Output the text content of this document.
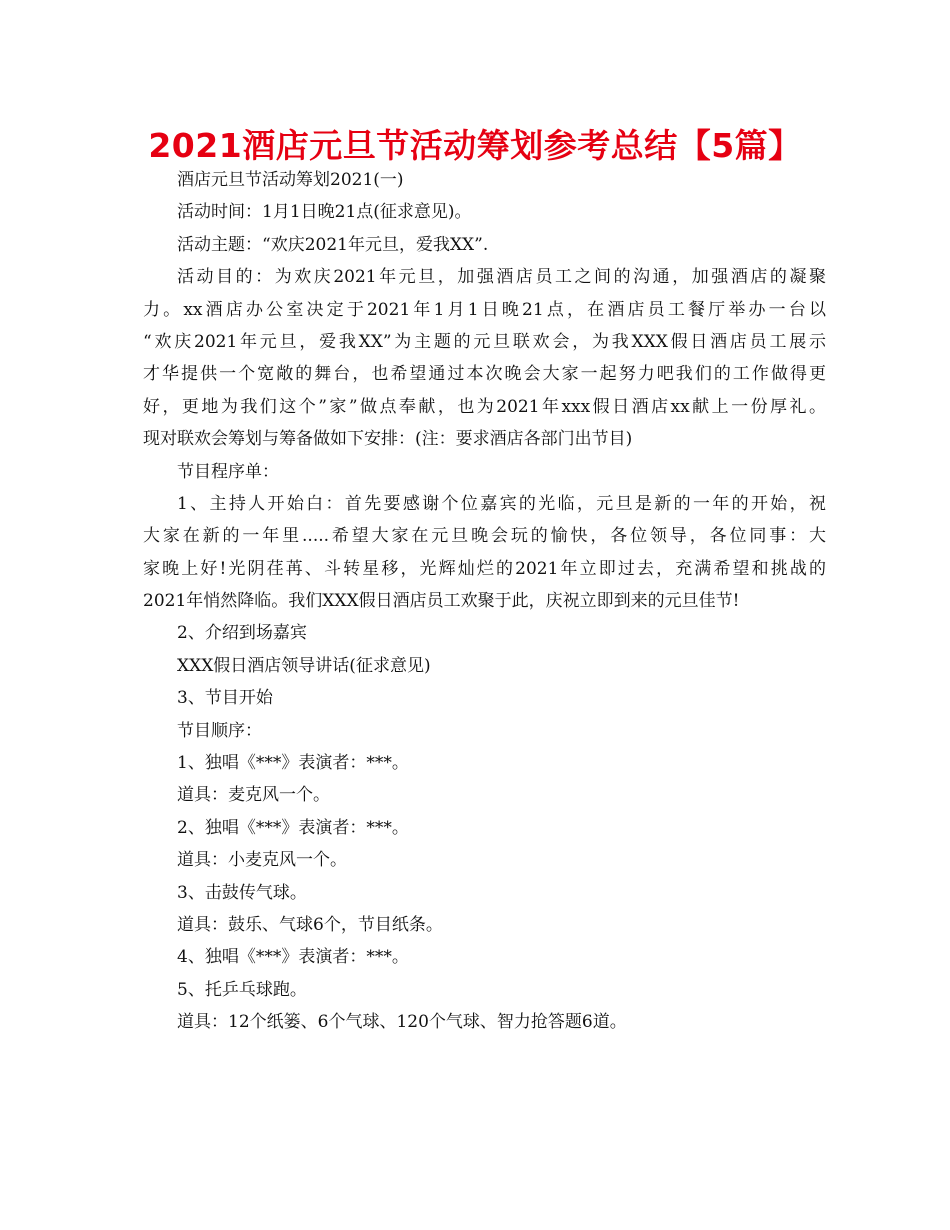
2021酒店元旦节活动筹划参考总结【5篇】
酒店元旦节活动筹划2021(一)
活动时间：1月1日晚21点(征求意见)。
活动主题：“欢庆2021年元旦，爱我XX”.
活动目的：为欢庆2021年元旦，加强酒店员工之间的沟通，加强酒店的凝聚
力。xx酒店办公室决定于2021年1月1日晚21点，在酒店员工餐厅举办一台以
“欢庆2021年元旦，爱我XX”为主题的元旦联欢会，为我XXX假日酒店员工展示
才华提供一个宽敞的舞台，也希望通过本次晚会大家一起努力吧我们的工作做得更
好，更地为我们这个”家”做点奉献，也为2021年xxx假日酒店xx献上一份厚礼。
现对联欢会筹划与筹备做如下安排：(注：要求酒店各部门出节目)
节目程序单：
1、主持人开始白：首先要感谢个位嘉宾的光临，元旦是新的一年的开始，祝
大家在新的一年里.....希望大家在元旦晚会玩的愉快，各位领导，各位同事：大
家晚上好!光阴荏苒、斗转星移，光辉灿烂的2021年立即过去，充满希望和挑战的
2021年悄然降临。我们XXX假日酒店员工欢聚于此，庆祝立即到来的元旦佳节!
2、介绍到场嘉宾
XXX假日酒店领导讲话(征求意见)
3、节目开始
节目顺序：
1、独唱《***》表演者：***。
道具：麦克风一个。
2、独唱《***》表演者：***。
道具：小麦克风一个。
3、击鼓传气球。
道具：鼓乐、气球6个，节目纸条。
4、独唱《***》表演者：***。
5、托乒乓球跑。
道具：12个纸篓、6个气球、120个气球、智力抢答题6道。
